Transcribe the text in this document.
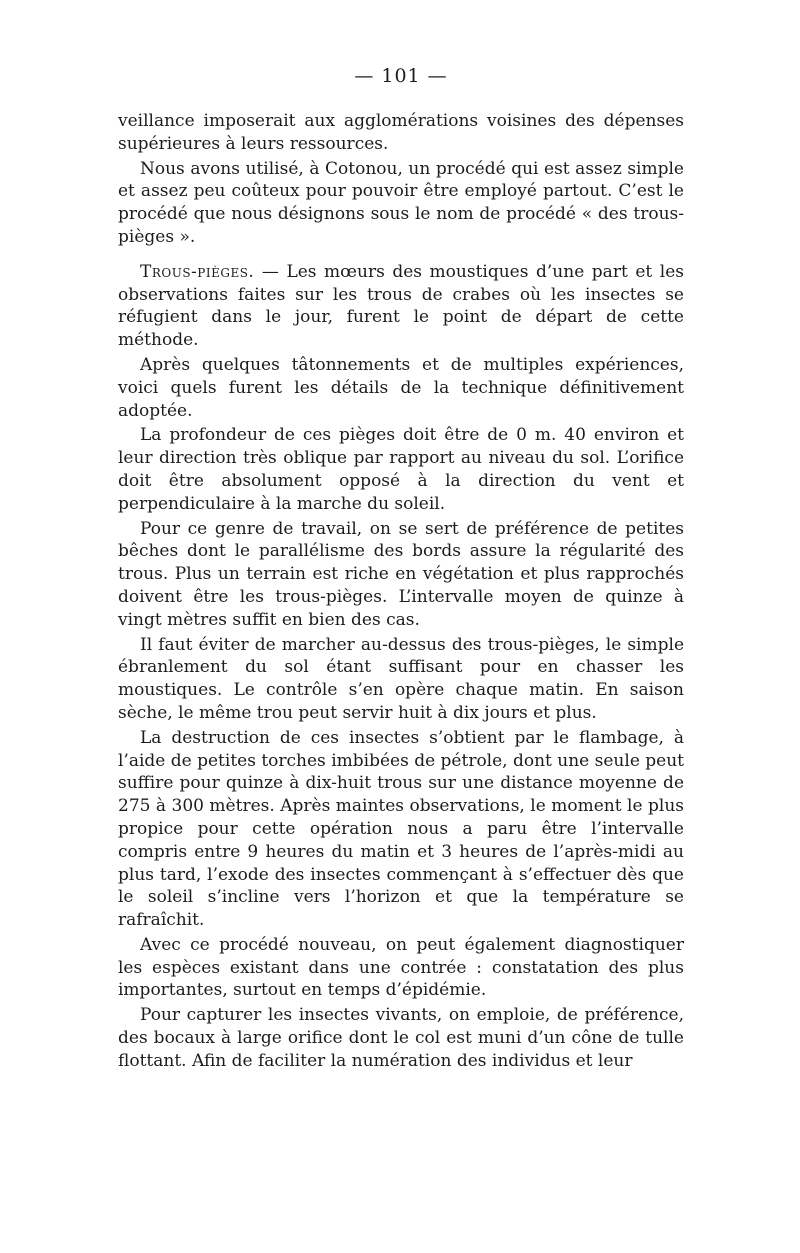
— 101 —

veillance imposerait aux agglomérations voisines des dépenses supérieures à leurs ressources.

Nous avons utilisé, à Cotonou, un procédé qui est assez simple et assez peu coûteux pour pouvoir être employé partout. C’est le procédé que nous désignons sous le nom de procédé « des trous-pièges ».

Trous-pièges. — Les mœurs des moustiques d’une part et les observations faites sur les trous de crabes où les insectes se réfugient dans le jour, furent le point de départ de cette méthode.

Après quelques tâtonnements et de multiples expériences, voici quels furent les détails de la technique définitivement adoptée.

La profondeur de ces pièges doit être de 0 m. 40 environ et leur direction très oblique par rapport au niveau du sol. L’orifice doit être absolument opposé à la direction du vent et perpendiculaire à la marche du soleil.

Pour ce genre de travail, on se sert de préférence de petites bêches dont le parallélisme des bords assure la régularité des trous. Plus un terrain est riche en végétation et plus rapprochés doivent être les trous-pièges. L’intervalle moyen de quinze à vingt mètres suffit en bien des cas.

Il faut éviter de marcher au-dessus des trous-pièges, le simple ébranlement du sol étant suffisant pour en chasser les moustiques. Le contrôle s’en opère chaque matin. En saison sèche, le même trou peut servir huit à dix jours et plus.

La destruction de ces insectes s’obtient par le flambage, à l’aide de petites torches imbibées de pétrole, dont une seule peut suffire pour quinze à dix-huit trous sur une distance moyenne de 275 à 300 mètres. Après maintes observations, le moment le plus propice pour cette opération nous a paru être l’intervalle compris entre 9 heures du matin et 3 heures de l’après-midi au plus tard, l’exode des insectes commençant à s’effectuer dès que le soleil s’incline vers l’horizon et que la température se rafraîchit.

Avec ce procédé nouveau, on peut également diagnostiquer les espèces existant dans une contrée : constatation des plus importantes, surtout en temps d’épidémie.

Pour capturer les insectes vivants, on emploie, de préférence, des bocaux à large orifice dont le col est muni d’un cône de tulle flottant. Afin de faciliter la numération des individus et leur
